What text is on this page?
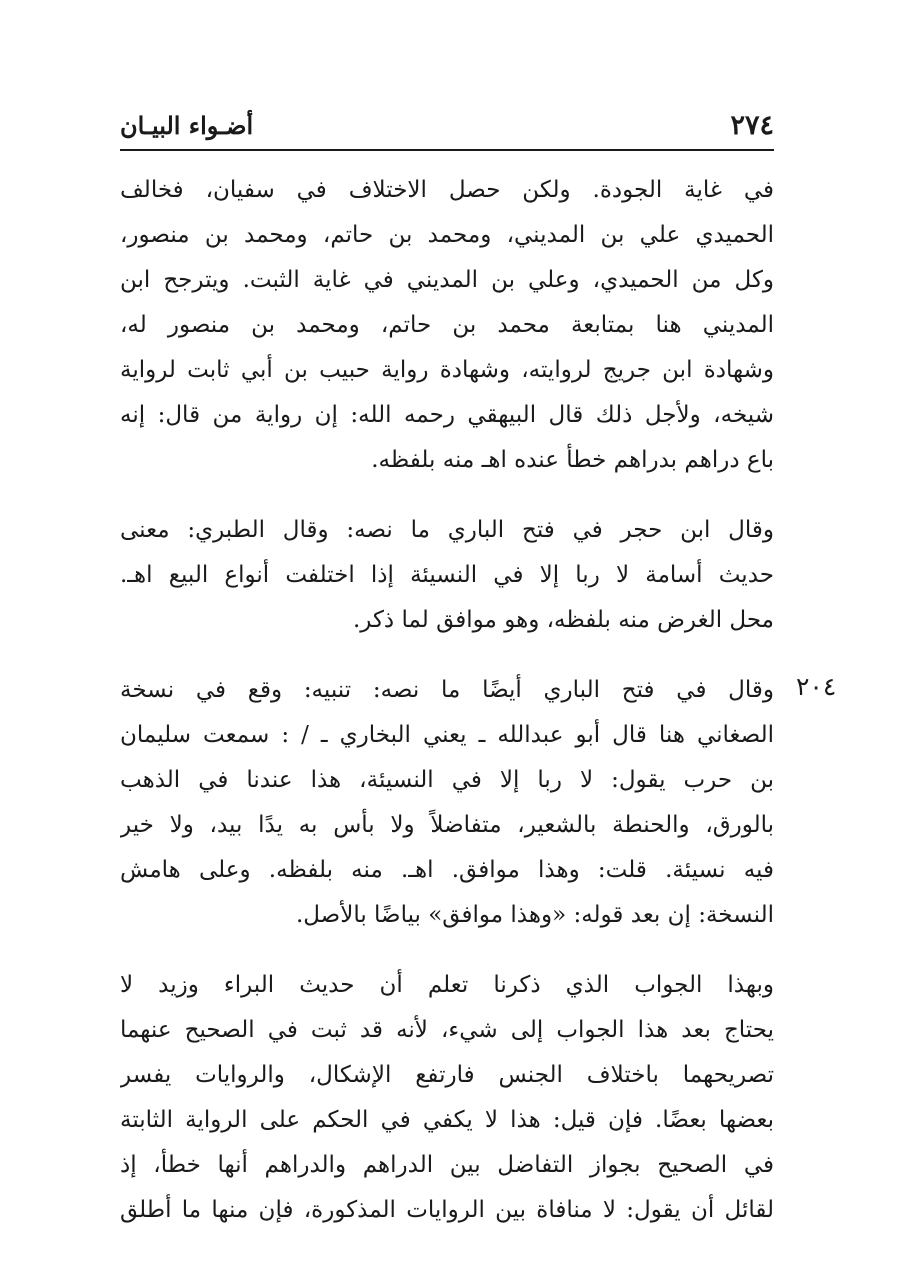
٢٧٤
أضـواء البيـان
٢٠٤
في غاية الجودة. ولكن حصل الاختلاف في سفيان، فخالف
الحميدي علي بن المديني، ومحمد بن حاتم، ومحمد بن منصور،
وكل من الحميدي، وعلي بن المديني في غاية الثبت. ويترجح ابن
المديني هنا بمتابعة محمد بن حاتم، ومحمد بن منصور له،
وشهادة ابن جريج لروايته، وشهادة رواية حبيب بن أبي ثابت لرواية
شيخه، ولأجل ذلك قال البيهقي رحمه الله: إن رواية من قال: إنه
باع دراهم بدراهم خطأ عنده اهـ منه بلفظه.
وقال ابن حجر في فتح الباري ما نصه: وقال الطبري: معنى
حديث أسامة لا ربا إلا في النسيئة إذا اختلفت أنواع البيع اهـ.
محل الغرض منه بلفظه، وهو موافق لما ذكر.
وقال في فتح الباري أيضًا ما نصه: تنبيه: وقع في نسخة
الصغاني هنا قال أبو عبدالله ـ يعني البخاري ـ / : سمعت سليمان
بن حرب يقول: لا ربا إلا في النسيئة، هذا عندنا في الذهب
بالورق، والحنطة بالشعير، متفاضلاً ولا بأس به يدًا بيد، ولا خير
فيه نسيئة. قلت: وهذا موافق. اهـ. منه بلفظه. وعلى هامش
النسخة: إن بعد قوله: «وهذا موافق» بياضًا بالأصل.
وبهذا الجواب الذي ذكرنا تعلم أن حديث البراء وزيد لا
يحتاج بعد هذا الجواب إلى شيء، لأنه قد ثبت في الصحيح عنهما
تصريحهما باختلاف الجنس فارتفع الإشكال، والروايات يفسر
بعضها بعضًا. فإن قيل: هذا لا يكفي في الحكم على الرواية الثابتة
في الصحيح بجواز التفاضل بين الدراهم والدراهم أنها خطأ، إذ
لقائل أن يقول: لا منافاة بين الروايات المذكورة، فإن منها ما أطلق
